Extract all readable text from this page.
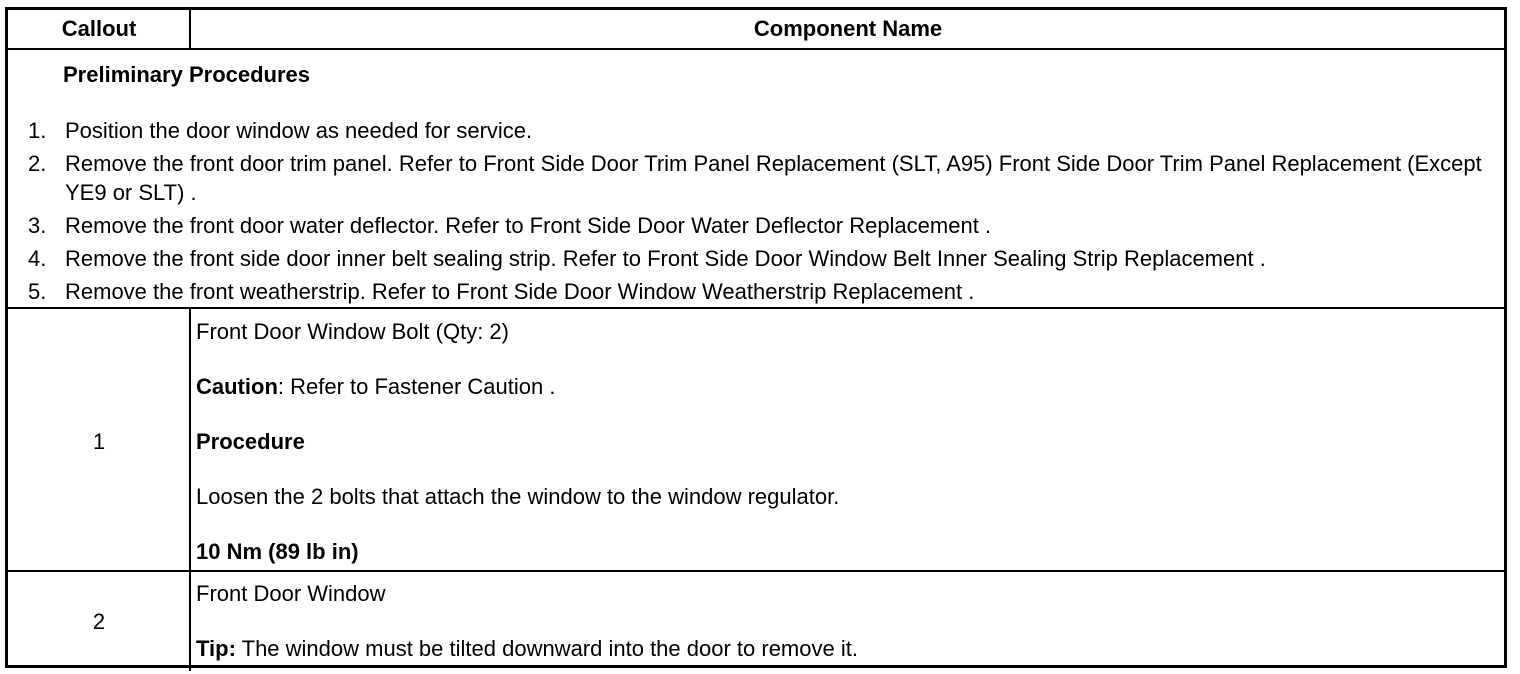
Callout	Component Name
Preliminary Procedures
1. Position the door window as needed for service.
2. Remove the front door trim panel. Refer to Front Side Door Trim Panel Replacement (SLT, A95) Front Side Door Trim Panel Replacement (Except YE9 or SLT) .
3. Remove the front door water deflector. Refer to Front Side Door Water Deflector Replacement .
4. Remove the front side door inner belt sealing strip. Refer to Front Side Door Window Belt Inner Sealing Strip Replacement .
5. Remove the front weatherstrip. Refer to Front Side Door Window Weatherstrip Replacement .
1
Front Door Window Bolt (Qty: 2)
Caution: Refer to Fastener Caution .
Procedure
Loosen the 2 bolts that attach the window to the window regulator.
10 Nm (89 lb in)
2
Front Door Window
Tip: The window must be tilted downward into the door to remove it.
